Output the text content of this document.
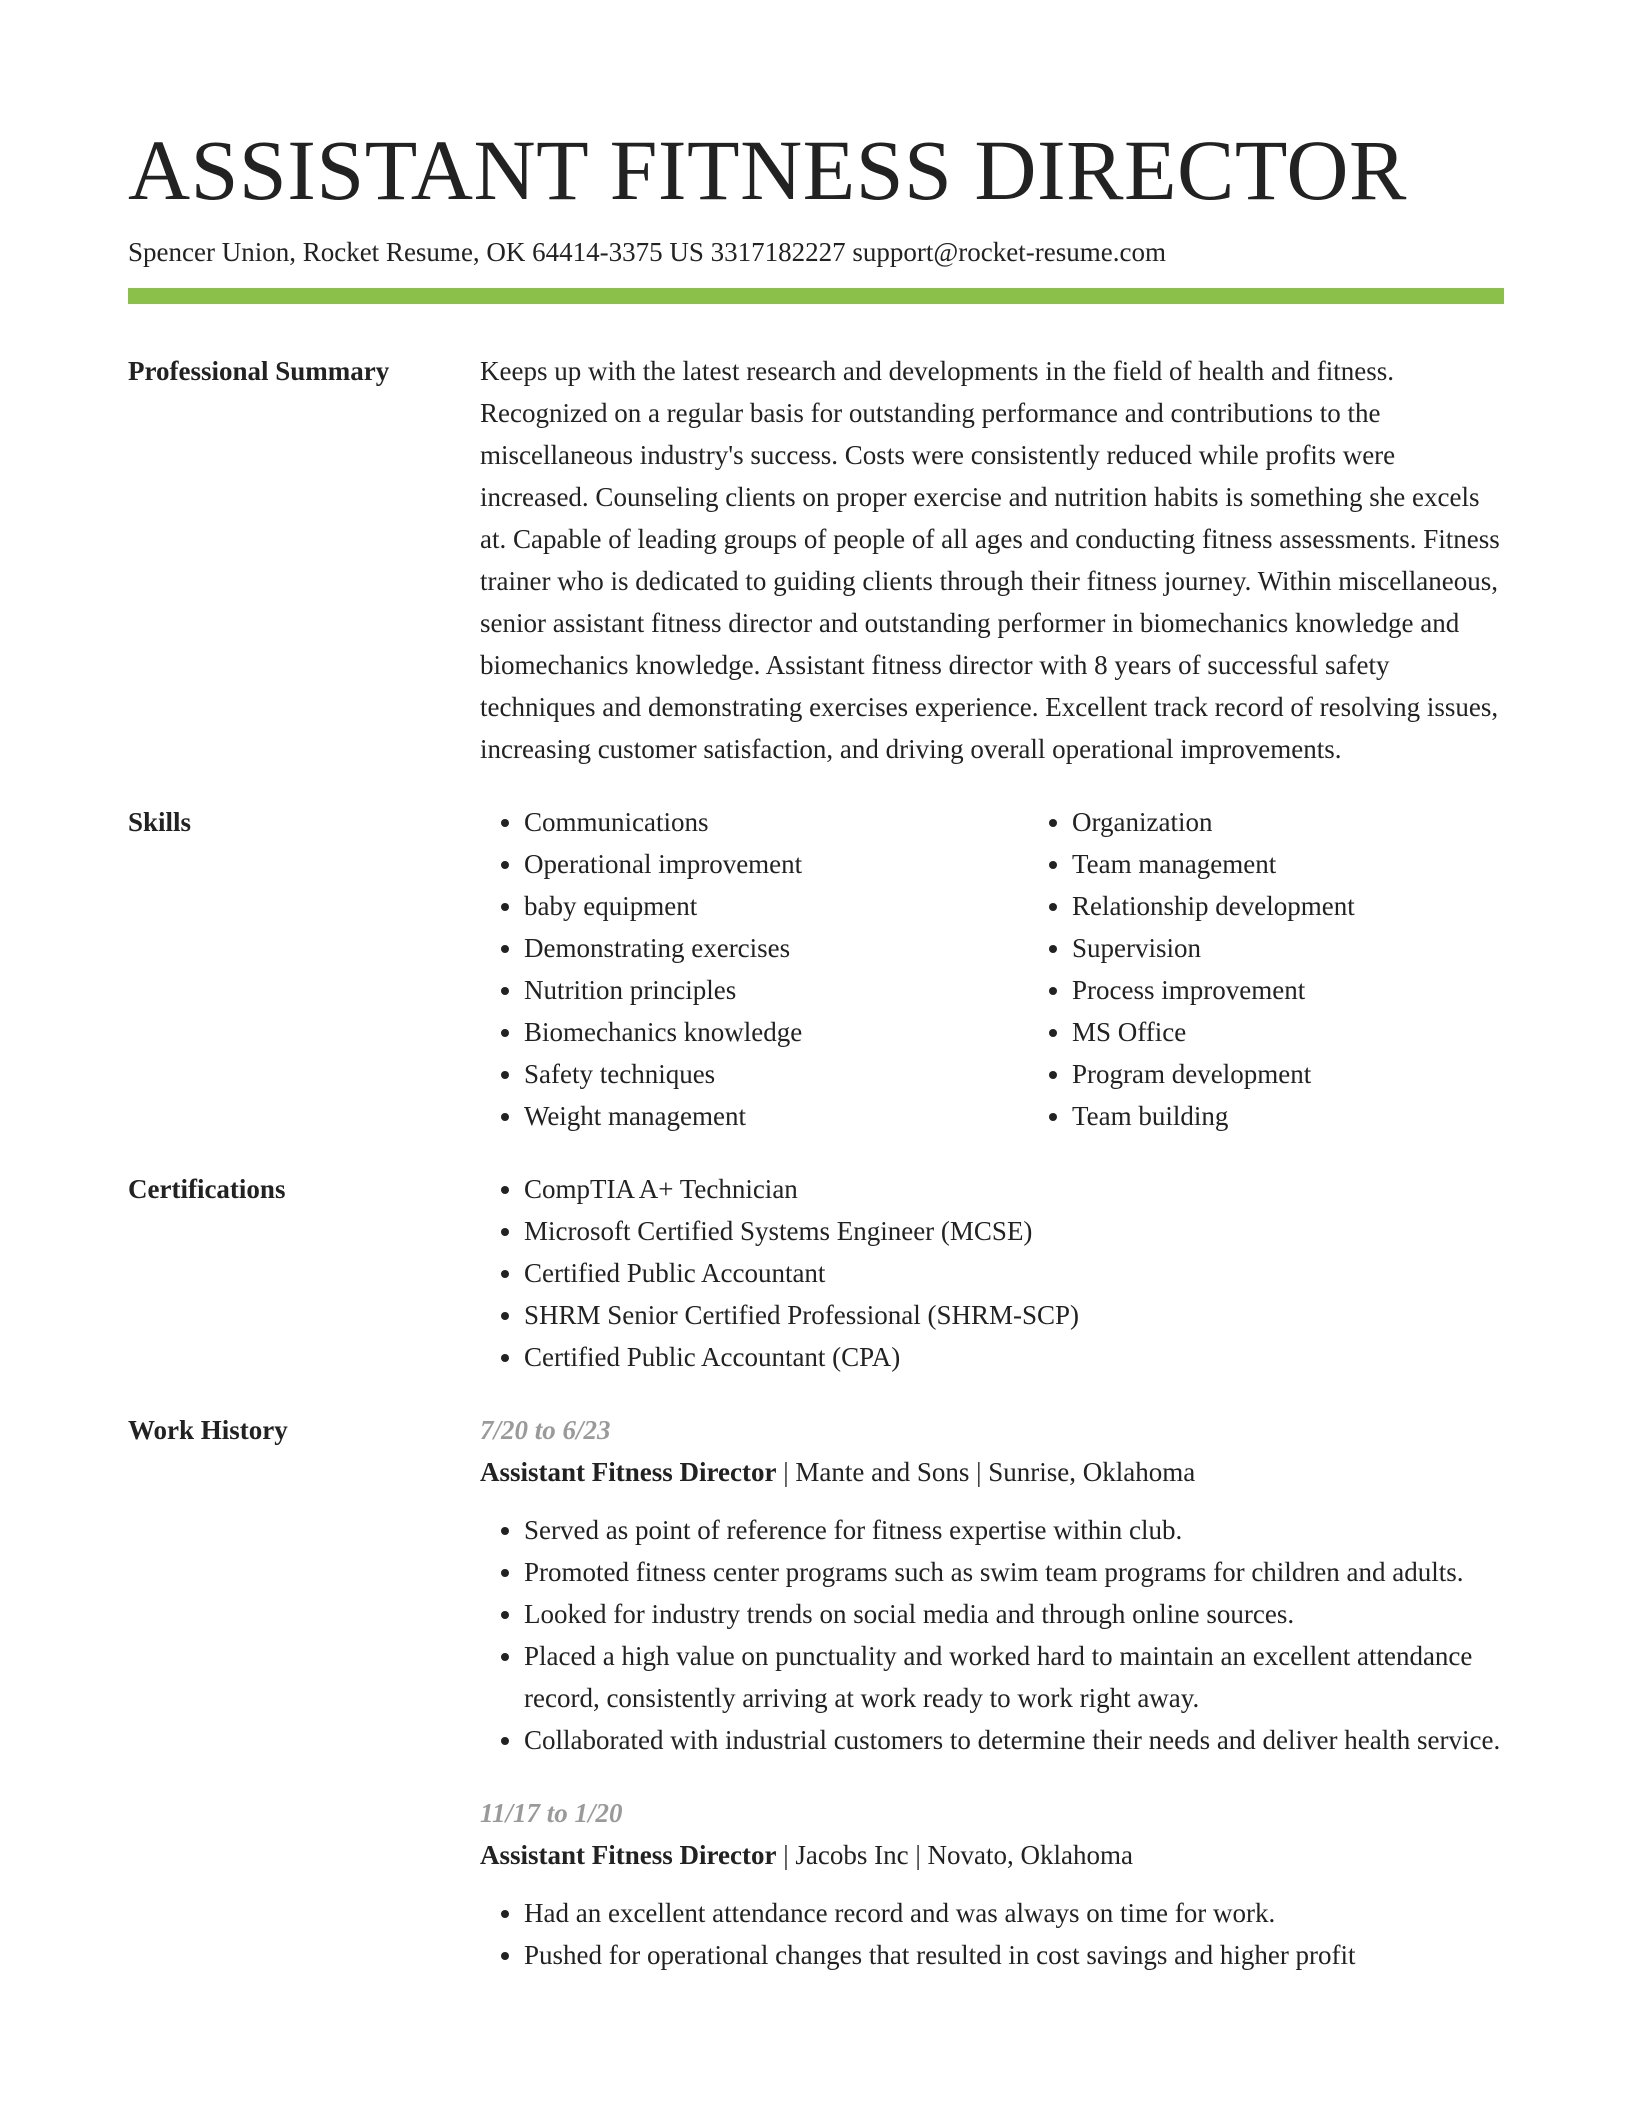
ASSISTANT FITNESS DIRECTOR
Spencer Union, Rocket Resume, OK 64414-3375 US 3317182227 support@rocket-resume.com
Professional Summary	Keeps up with the latest research and developments in the field of health and fitness. Recognized on a regular basis for outstanding performance and contributions to the miscellaneous industry's success. Costs were consistently reduced while profits were increased. Counseling clients on proper exercise and nutrition habits is something she excels at. Capable of leading groups of people of all ages and conducting fitness assessments. Fitness trainer who is dedicated to guiding clients through their fitness journey. Within miscellaneous, senior assistant fitness director and outstanding performer in biomechanics knowledge and biomechanics knowledge. Assistant fitness director with 8 years of successful safety techniques and demonstrating exercises experience. Excellent track record of resolving issues, increasing customer satisfaction, and driving overall operational improvements.

Skills	• Communications
• Operational improvement
• baby equipment
• Demonstrating exercises
• Nutrition principles
• Biomechanics knowledge
• Safety techniques
• Weight management
• Organization
• Team management
• Relationship development
• Supervision
• Process improvement
• MS Office
• Program development
• Team building
Certifications	• CompTIA A+ Technician
• Microsoft Certified Systems Engineer (MCSE)
• Certified Public Accountant
• SHRM Senior Certified Professional (SHRM-SCP)
• Certified Public Accountant (CPA)
Work History	7/20 to 6/23
Assistant Fitness Director | Mante and Sons | Sunrise, Oklahoma
• Served as point of reference for fitness expertise within club.
• Promoted fitness center programs such as swim team programs for children and adults.
• Looked for industry trends on social media and through online sources.
• Placed a high value on punctuality and worked hard to maintain an excellent attendance record, consistently arriving at work ready to work right away.
• Collaborated with industrial customers to determine their needs and deliver health service.
11/17 to 1/20
Assistant Fitness Director | Jacobs Inc | Novato, Oklahoma
• Had an excellent attendance record and was always on time for work.
• Pushed for operational changes that resulted in cost savings and higher profit
